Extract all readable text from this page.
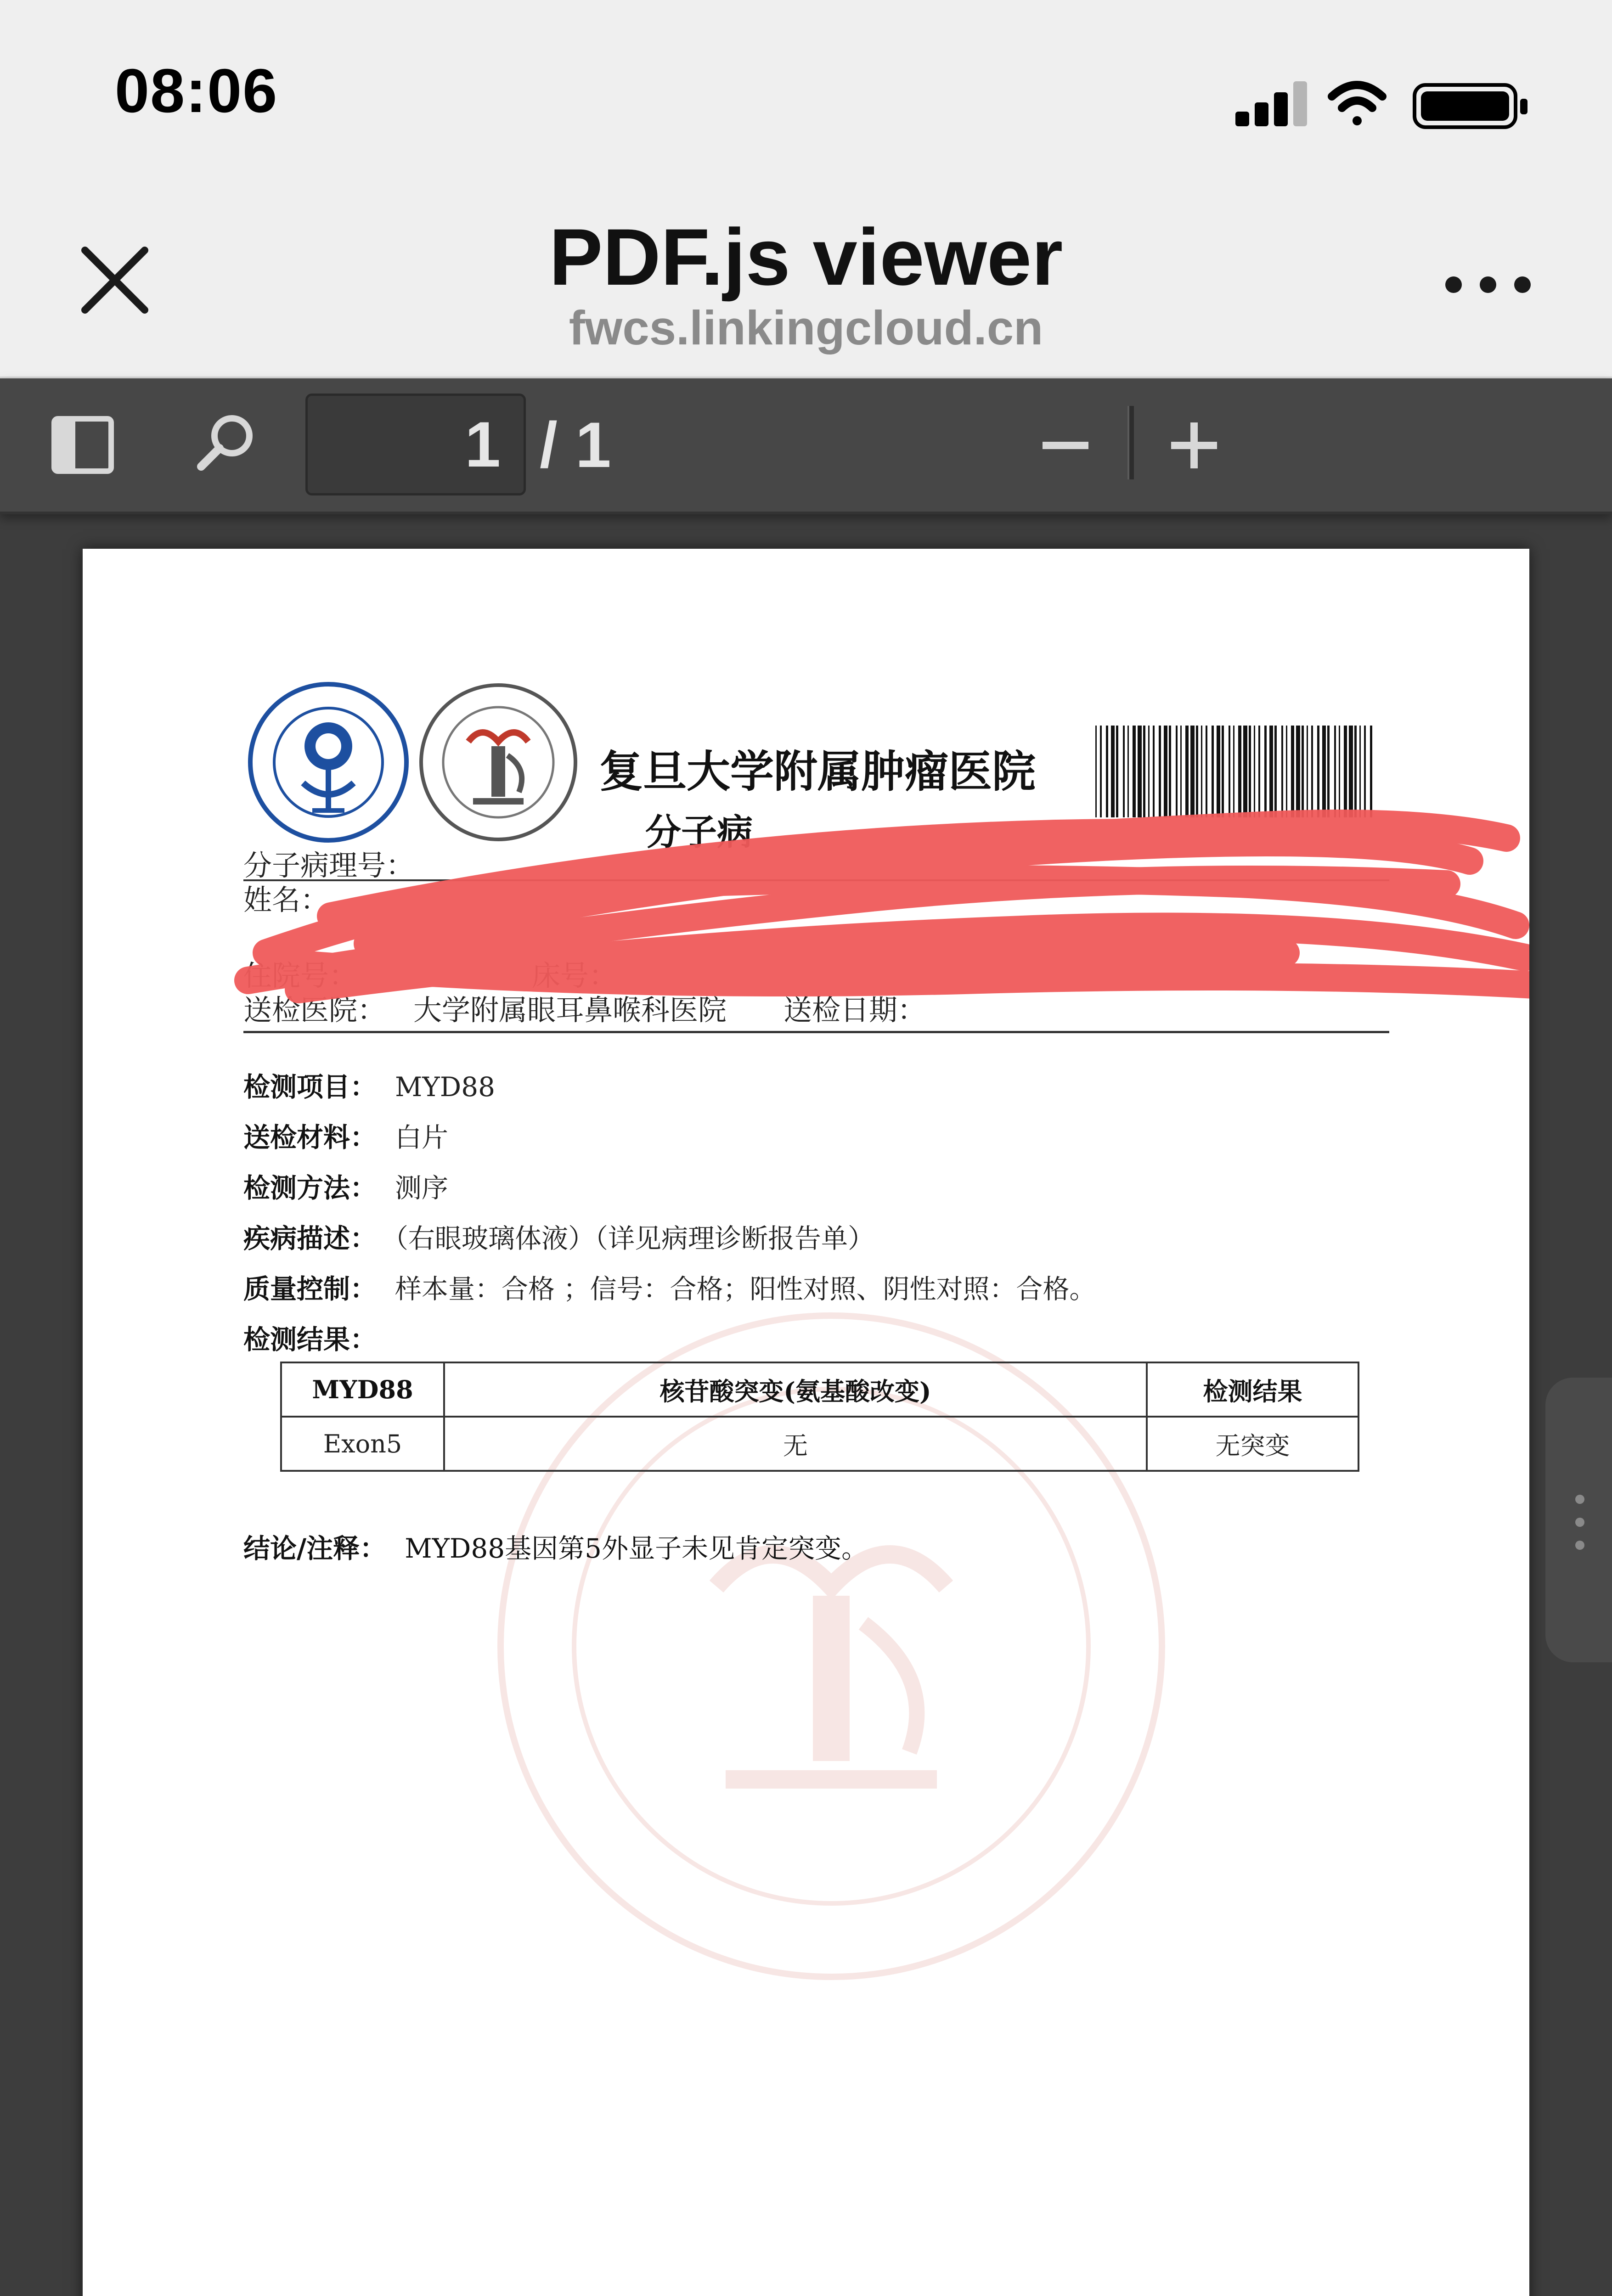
08:06
PDF.js viewer
fwcs.linkingcloud.cn
1 / 1
复旦大学附属肿瘤医院
分子病
分子病理号：
姓名：
住院号：	床号：
送检医院： 大学附属眼耳鼻喉科医院　　送检日期：
检测项目： MYD88
送检材料： 白片
检测方法： 测序
疾病描述： （右眼玻璃体液）（详见病理诊断报告单）
质量控制： 样本量：合格 ；信号：合格；阳性对照、阴性对照：合格。
检测结果：
MYD88	核苷酸突变(氨基酸改变)	检测结果
Exon5	无	无突变
结论/注释： MYD88基因第5外显子未见肯定突变。
